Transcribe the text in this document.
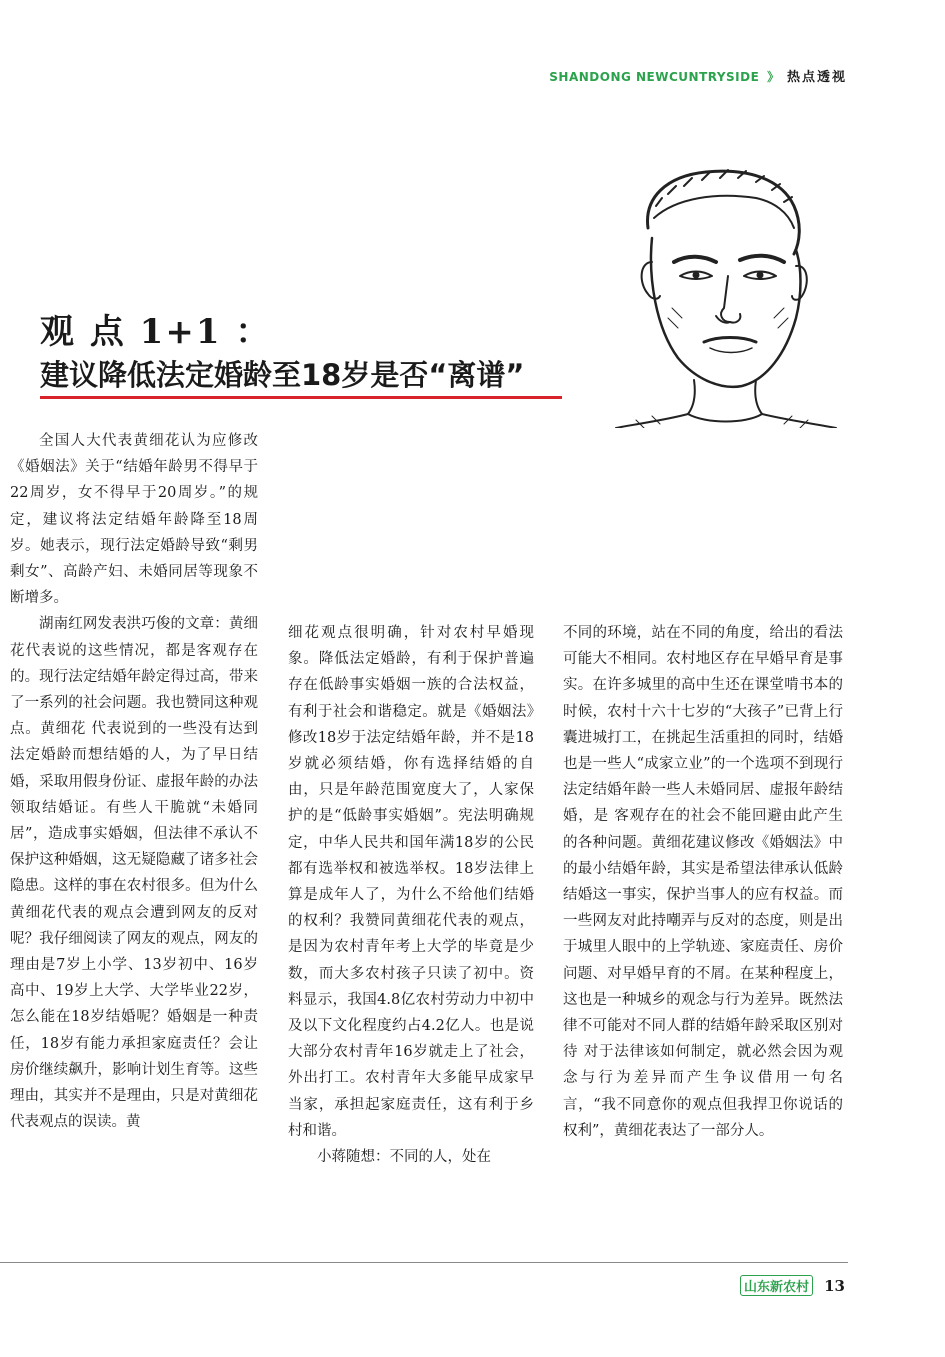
SHANDONG NEWCUNTRYSIDE 》 热点透视
观 点 1+1 ：
建议降低法定婚龄至18岁是否“离谱”

全国人大代表黄细花认为应修改《婚姻法》关于“结婚年龄男不得早于22周岁，女不得早于20周岁。”的规定，建议将法定结婚年龄降至18周岁。她表示，现行法定婚龄导致“剩男剩女”、高龄产妇、未婚同居等现象不断增多。

湖南红网发表洪巧俊的文章：黄细花代表说的这些情况，都是客观存在的。现行法定结婚年龄定得过高，带来了一系列的社会问题。我也赞同这种观点。黄细花 代表说到的一些没有达到法定婚龄而想结婚的人，为了早日结婚，采取用假身份证、虚报年龄的办法领取结婚证。有些人干脆就“未婚同居”，造成事实婚姻，但法律不承认不保护这种婚姻，这无疑隐藏了诸多社会隐患。这样的事在农村很多。但为什么黄细花代表的观点会遭到网友的反对呢？我仔细阅读了网友的观点，网友的理由是7岁上小学、13岁初中、16岁高中、19岁上大学、大学毕业22岁，怎么能在18岁结婚呢？婚姻是一种责任，18岁有能力承担家庭责任？会让房价继续飙升，影响计划生育等。这些理由，其实并不是理由，只是对黄细花代表观点的误读。黄

细花观点很明确，针对农村早婚现象。降低法定婚龄，有利于保护普遍存在低龄事实婚姻一族的合法权益，有利于社会和谐稳定。就是《婚姻法》修改18岁于法定结婚年龄，并不是18岁就必须结婚，你有选择结婚的自由，只是年龄范围宽度大了，人家保护的是“低龄事实婚姻”。宪法明确规定，中华人民共和国年满18岁的公民都有选举权和被选举权。18岁法律上算是成年人了，为什么不给他们结婚的权利？我赞同黄细花代表的观点，是因为农村青年考上大学的毕竟是少数，而大多农村孩子只读了初中。资料显示，我国4.8亿农村劳动力中初中及以下文化程度约占4.2亿人。也是说大部分农村青年16岁就走上了社会，外出打工。农村青年大多能早成家早当家，承担起家庭责任，这有利于乡村和谐。

小蒋随想：不同的人，处在

不同的环境，站在不同的角度，给出的看法可能大不相同。农村地区存在早婚早育是事实。在许多城里的高中生还在课堂啃书本的时候，农村十六十七岁的“大孩子”已背上行囊进城打工，在挑起生活重担的同时，结婚也是一些人“成家立业”的一个选项不到现行法定结婚年龄一些人未婚同居、虚报年龄结婚，是 客观存在的社会不能回避由此产生的各种问题。黄细花建议修改《婚姻法》中的最小结婚年龄，其实是希望法律承认低龄结婚这一事实，保护当事人的应有权益。而一些网友对此持嘲弄与反对的态度，则是出于城里人眼中的上学轨迹、家庭责任、房价问题、对早婚早育的不屑。在某种程度上，这也是一种城乡的观念与行为差异。既然法律不可能对不同人群的结婚年龄采取区别对待 对于法律该如何制定，就必然会因为观念与行为差异而产生争议借用一句名言，“我不同意你的观点但我捍卫你说话的权利”，黄细花表达了一部分人。

山东新农村 13
